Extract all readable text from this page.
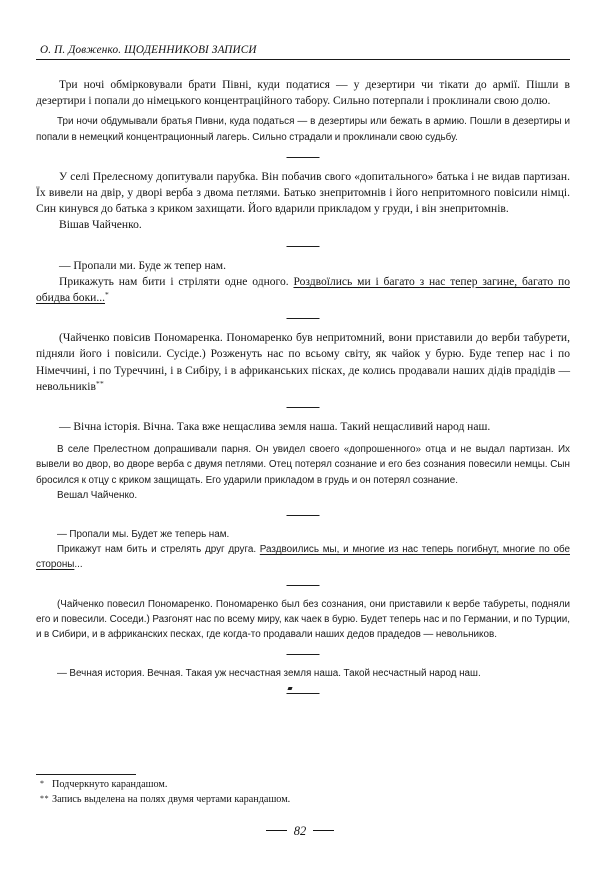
О. П. Довженко. ЩОДЕННИКОВІ ЗАПИСИ

Три ночі обмірковували брати Півні, куди податися — у дезертири чи тікати до армії. Пішли в дезертири і попали до німецького концентраційного табору. Сильно потерпали і проклинали свою долю.

Три ночи обдумывали братья Пивни, куда податься — в дезертиры или бежать в армию. Пошли в дезертиры и попали в немецкий концентрационный лагерь. Сильно страдали и проклинали свою судьбу.

У селі Прелесному допитували парубка. Він побачив свого «допитального» батька і не видав партизан. Їх вивели на двір, у дворі верба з двома петлями. Батько знепритомнів і його непритомного повісили німці. Син кинувся до батька з криком захищати. Його вдарили прикладом у груди, і він знепритомнів.

Вішав Чайченко.

— Пропали ми. Буде ж тепер нам.

Прикажуть нам бити і стріляти одне одного. Роздвоїлись ми і багато з нас тепер загине, багато по обидва боки...*

(Чайченко повісив Пономаренка. Пономаренко був непритомний, вони приставили до верби табурети, підняли його і повісили. Сусіде.) Розженуть нас по всьому світу, як чайок у бурю. Буде тепер нас і по Німеччині, і по Туреччині, і в Сибіру, і в африканських пісках, де колись продавали наших дідів прадідів — невольників**

— Вічна історія. Вічна. Така вже нещаслива земля наша. Такий нещасливий народ наш.

В селе Прелестном допрашивали парня. Он увидел своего «допрошенного» отца и не выдал партизан. Их вывели во двор, во дворе верба с двумя петлями. Отец потерял сознание и его без сознания повесили немцы. Сын бросился к отцу с криком защищать. Его ударили прикладом в грудь и он потерял сознание.

Вешал Чайченко.

— Пропали мы. Будет же теперь нам.

Прикажут нам бить и стрелять друг друга. Раздвоились мы, и многие из нас теперь погибнут, многие по обе стороны...

(Чайченко повесил Пономаренко. Пономаренко был без сознания, они приставили к вербе табуреты, подняли его и повесили. Соседи.) Разгонят нас по всему миру, как чаек в бурю. Будет теперь нас и по Германии, и по Турции, и в Сибири, и в африканских песках, где когда-то продавали наших дедов прадедов — невольников.

— Вечная история. Вечная. Такая уж несчастная земля наша. Такой несчастный народ наш.

* Подчеркнуто карандашом.
** Запись выделена на полях двумя чертами карандашом.
82
